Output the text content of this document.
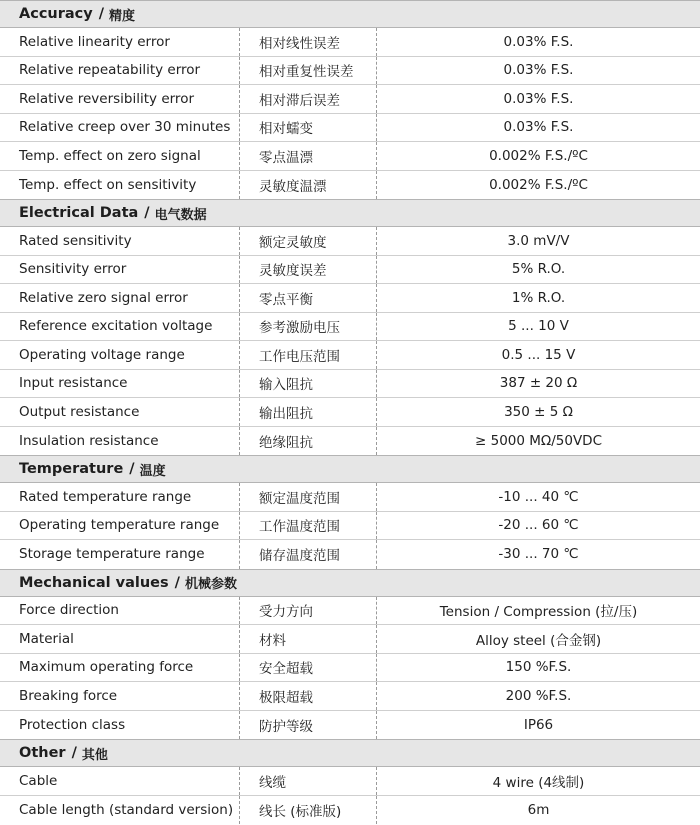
Accuracy / 精度
Relative linearity error	相对线性误差	0.03% F.S.
Relative repeatability error	相对重复性误差	0.03% F.S.
Relative reversibility error	相对滞后误差	0.03% F.S.
Relative creep over 30 minutes	相对蠕变	0.03% F.S.
Temp. effect on zero signal	零点温漂	0.002% F.S./ºC
Temp. effect on sensitivity	灵敏度温漂	0.002% F.S./ºC
Electrical Data / 电气数据
Rated sensitivity	额定灵敏度	3.0 mV/V
Sensitivity error	灵敏度误差	5% R.O.
Relative zero signal error	零点平衡	1% R.O.
Reference excitation voltage	参考激励电压	5 ... 10 V
Operating voltage range	工作电压范围	0.5 ... 15 V
Input resistance	输入阻抗	387 ± 20 Ω
Output resistance	输出阻抗	350 ± 5 Ω
Insulation resistance	绝缘阻抗	≥ 5000 MΩ/50VDC
Temperature / 温度
Rated temperature range	额定温度范围	-10 ... 40 ℃
Operating temperature range	工作温度范围	-20 ... 60 ℃
Storage temperature range	储存温度范围	-30 ... 70 ℃
Mechanical values / 机械参数
Force direction	受力方向	Tension / Compression (拉/压)
Material	材料	Alloy steel (合金钢)
Maximum operating force	安全超载	150 %F.S.
Breaking force	极限超载	200 %F.S.
Protection class	防护等级	IP66
Other / 其他
Cable	线缆	4 wire (4线制)
Cable length (standard version)	线长 (标准版)	6m
